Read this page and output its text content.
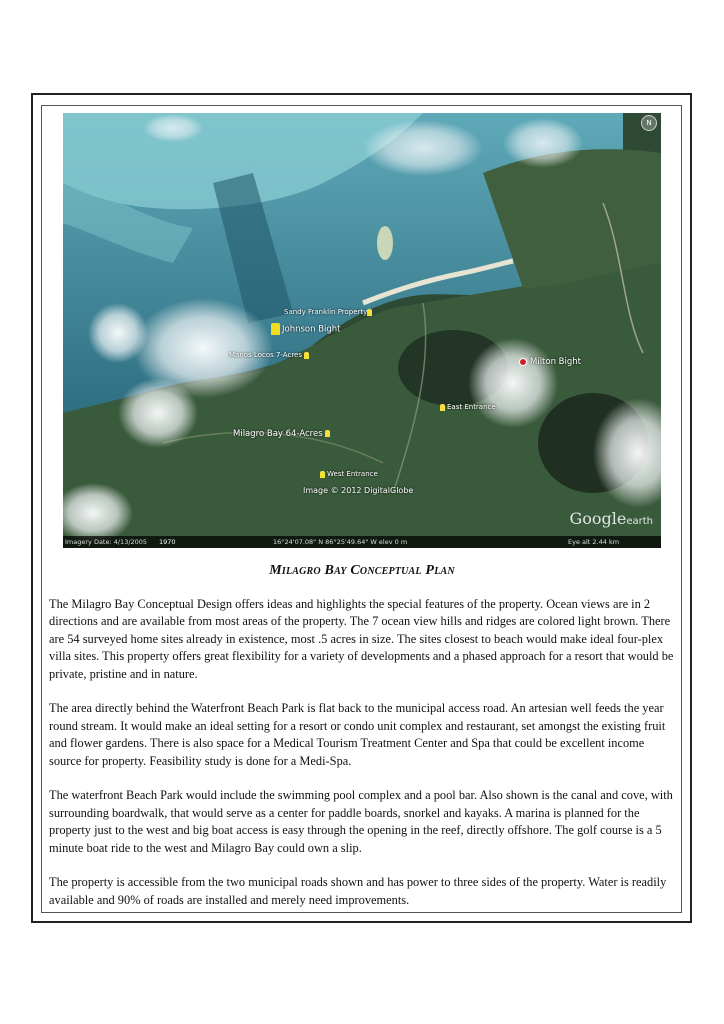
N
Sandy Franklin Property
Johnson Bight
Manos Locos 7-Acres
Milton Bight
East Entrance
Milagro Bay 64-Acres
West Entrance
Image © 2012 DigitalGlobe
Googleearth
Imagery Date: 4/13/2005 1970	16°24'07.08" N 86°25'49.64" W elev 0 m	Eye alt 2.44 km
Milagro Bay Conceptual Plan

The Milagro Bay Conceptual Design offers ideas and highlights the special features of the property. Ocean views are in 2 directions and are available from most areas of the property. The 7 ocean view hills and ridges are colored light brown. There are 54 surveyed home sites already in existence, most .5 acres in size. The sites closest to beach would make ideal four-plex villa sites. This property offers great flexibility for a variety of developments and a phased approach for a resort that would be private, pristine and in nature.

The area directly behind the Waterfront Beach Park is flat back to the municipal access road. An artesian well feeds the year round stream. It would make an ideal setting for a resort or condo unit complex and restaurant, set amongst the existing fruit and flower gardens. There is also space for a Medical Tourism Treatment Center and Spa that could be excellent income source for property. Feasibility study is done for a Medi-Spa.

The waterfront Beach Park would include the swimming pool complex and a pool bar. Also shown is the canal and cove, with surrounding boardwalk, that would serve as a center for paddle boards, snorkel and kayaks. A marina is planned for the property just to the west and big boat access is easy through the opening in the reef, directly offshore. The golf course is a 5 minute boat ride to the west and Milagro Bay could own a slip.

The property is accessible from the two municipal roads shown and has power to three sides of the property. Water is readily available and 90% of roads are installed and merely need improvements.
